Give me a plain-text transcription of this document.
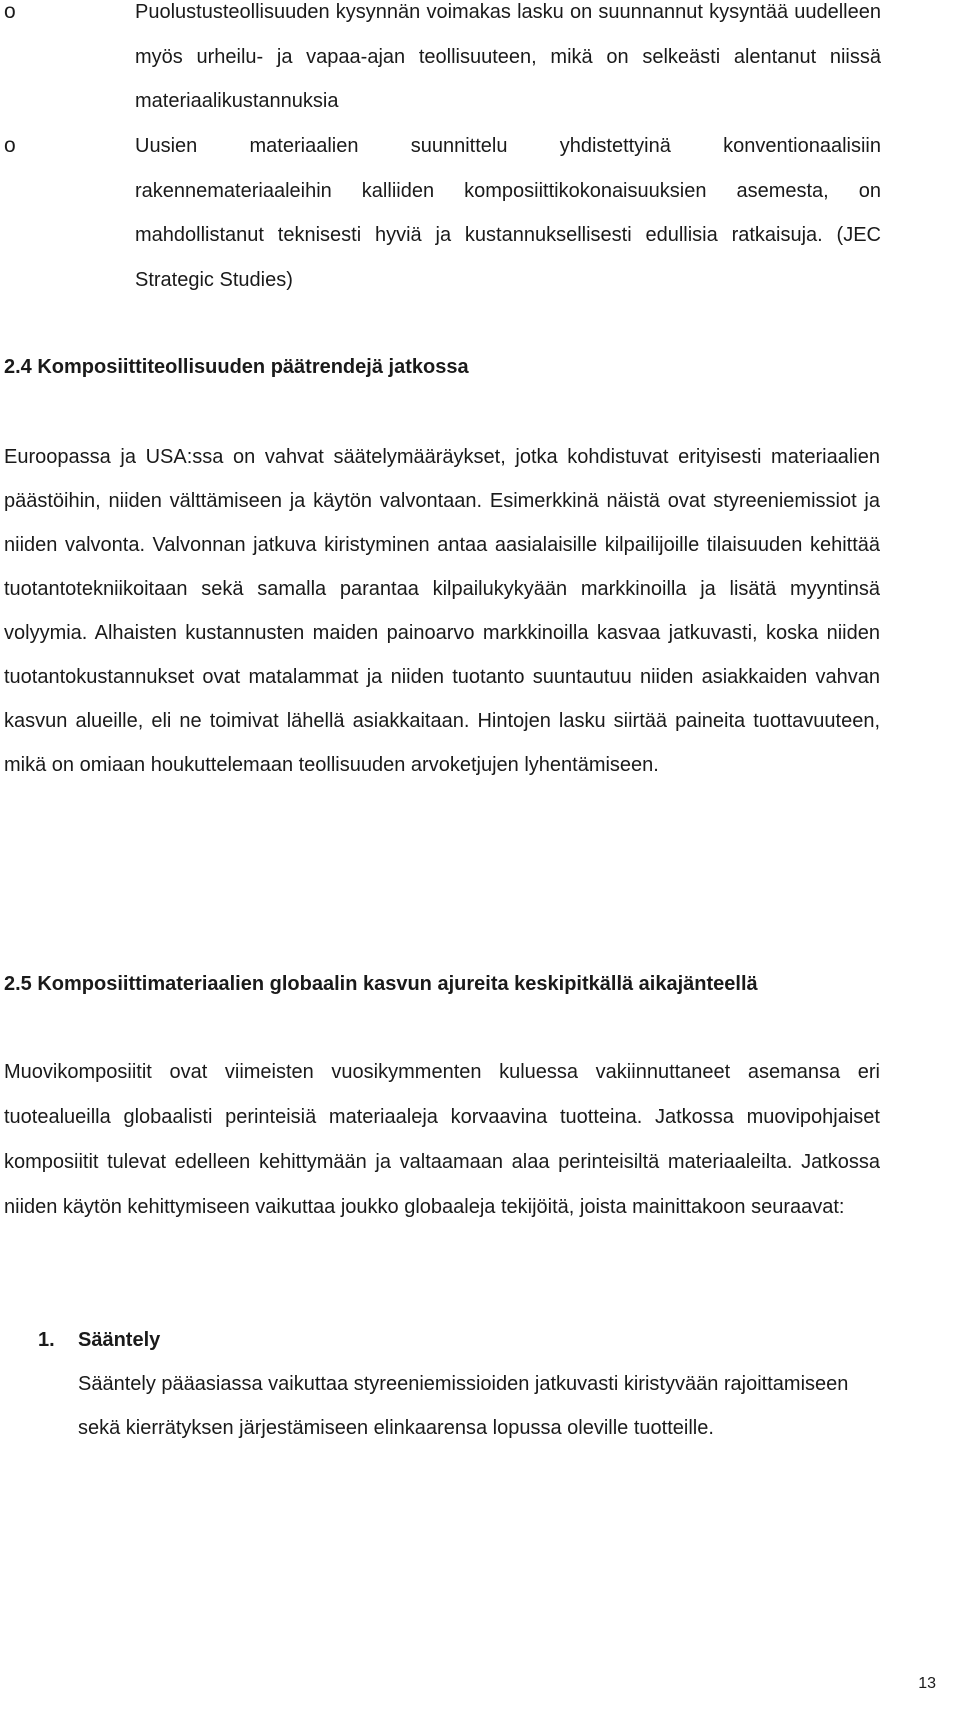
o	Puolustusteollisuuden kysynnän voimakas lasku on suunnannut kysyntää uudelleen myös urheilu- ja vapaa-ajan teollisuuteen, mikä on selkeästi alentanut niissä materiaalikustannuksia

o	Uusien materiaalien suunnittelu yhdistettyinä konventionaalisiin rakennemateriaaleihin kalliiden komposiittikokonaisuuksien asemesta, on mahdollistanut teknisesti hyviä ja kustannuksellisesti edullisia ratkaisuja. (JEC Strategic Studies)

2.4 Komposiittiteollisuuden päätrendejä jatkossa

Euroopassa ja USA:ssa on vahvat säätelymääräykset, jotka kohdistuvat erityisesti materiaalien päästöihin, niiden välttämiseen ja käytön valvontaan. Esimerkkinä näistä ovat styreeniemissiot ja niiden valvonta. Valvonnan jatkuva kiristyminen antaa aasialaisille kilpailijoille tilaisuuden kehittää tuotantotekniikoitaan sekä samalla parantaa kilpailukykyään markkinoilla ja lisätä myyntinsä volyymia. Alhaisten kustannusten maiden painoarvo markkinoilla kasvaa jatkuvasti, koska niiden tuotantokustannukset ovat matalammat ja niiden tuotanto suuntautuu niiden asiakkaiden vahvan kasvun alueille, eli ne toimivat lähellä asiakkaitaan. Hintojen lasku siirtää paineita tuottavuuteen, mikä on omiaan houkuttelemaan teollisuuden arvoketjujen lyhentämiseen.

2.5 Komposiittimateriaalien globaalin kasvun ajureita keskipitkällä aikajänteellä

Muovikomposiitit ovat viimeisten vuosikymmenten kuluessa vakiinnuttaneet asemansa eri tuotealueilla globaalisti perinteisiä materiaaleja korvaavina tuotteina. Jatkossa muovipohjaiset komposiitit tulevat edelleen kehittymään ja valtaamaan alaa perinteisiltä materiaaleilta. Jatkossa niiden käytön kehittymiseen vaikuttaa joukko globaaleja tekijöitä, joista mainittakoon seuraavat:

1. Sääntely

Sääntely pääasiassa vaikuttaa styreeniemissioiden jatkuvasti kiristyvään rajoittamiseen sekä kierrätyksen järjestämiseen elinkaarensa lopussa oleville tuotteille.

13
